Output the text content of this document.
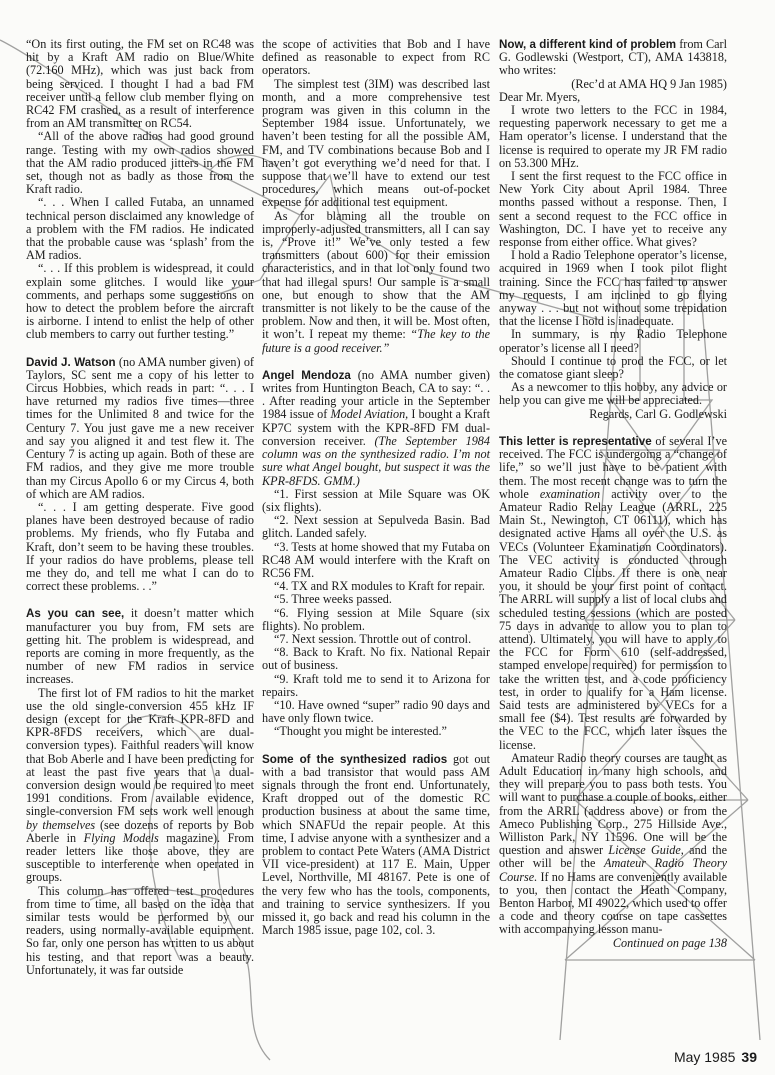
“On its first outing, the FM set on RC48 was hit by a Kraft AM radio on Blue/White (72.160 MHz), which was just back from being serviced. I thought I had a bad FM receiver until a fellow club member flying on RC42 FM crashed, as a result of interference from an AM transmitter on RC54.

“All of the above radios had good ground range. Testing with my own radios showed that the AM radio produced jitters in the FM set, though not as badly as those from the Kraft radio.

“. . . When I called Futaba, an unnamed technical person disclaimed any knowledge of a problem with the FM radios. He indicated that the probable cause was ‘splash’ from the AM radios.

“. . . If this problem is widespread, it could explain some glitches. I would like your comments, and perhaps some suggestions on how to detect the problem before the aircraft is airborne. I intend to enlist the help of other club members to carry out further testing.”

David J. Watson (no AMA number given) of Taylors, SC sent me a copy of his letter to Circus Hobbies, which reads in part: “. . . I have returned my radios five times—three times for the Unlimited 8 and twice for the Century 7. You just gave me a new receiver and say you aligned it and test flew it. The Century 7 is acting up again. Both of these are FM radios, and they give me more trouble than my Circus Apollo 6 or my Circus 4, both of which are AM radios.

“. . . I am getting desperate. Five good planes have been destroyed because of radio problems. My friends, who fly Futaba and Kraft, don’t seem to be having these troubles. If your radios do have problems, please tell me they do, and tell me what I can do to correct these problems. . .”

As you can see, it doesn’t matter which manufacturer you buy from, FM sets are getting hit. The problem is widespread, and reports are coming in more frequently, as the number of new FM radios in service increases.

The first lot of FM radios to hit the market use the old single-conversion 455 kHz IF design (except for the Kraft KPR-8FD and KPR-8FDS receivers, which are dual-conversion types). Faithful readers will know that Bob Aberle and I have been predicting for at least the past five years that a dual-conversion design would be required to meet 1991 conditions. From available evidence, single-conversion FM sets work well enough by themselves (see dozens of reports by Bob Aberle in Flying Models magazine). From reader letters like those above, they are susceptible to interference when operated in groups.

This column has offered test procedures from time to time, all based on the idea that similar tests would be performed by our readers, using normally-available equipment. So far, only one person has written to us about his testing, and that report was a beauty. Unfortunately, it was far outside

the scope of activities that Bob and I have defined as reasonable to expect from RC operators.

The simplest test (3IM) was described last month, and a more comprehensive test program was given in this column in the September 1984 issue. Unfortunately, we haven’t been testing for all the possible AM, FM, and TV combinations because Bob and I haven’t got everything we’d need for that. I suppose that we’ll have to extend our test procedures, which means out-of-pocket expense for additional test equipment.

As for blaming all the trouble on improperly-adjusted transmitters, all I can say is, “Prove it!” We’ve only tested a few transmitters (about 600) for their emission characteristics, and in that lot only found two that had illegal spurs! Our sample is a small one, but enough to show that the AM transmitter is not likely to be the cause of the problem. Now and then, it will be. Most often, it won’t. I repeat my theme: “The key to the future is a good receiver.”

Angel Mendoza (no AMA number given) writes from Huntington Beach, CA to say: “. . . After reading your article in the September 1984 issue of Model Aviation, I bought a Kraft KP7C system with the KPR-8FD FM dual-conversion receiver. (The September 1984 column was on the synthesized radio. I’m not sure what Angel bought, but suspect it was the KPR-8FDS. GMM.)

“1. First session at Mile Square was OK (six flights).

“2. Next session at Sepulveda Basin. Bad glitch. Landed safely.

“3. Tests at home showed that my Futaba on RC48 AM would interfere with the Kraft on RC56 FM.

“4. TX and RX modules to Kraft for repair.

“5. Three weeks passed.

“6. Flying session at Mile Square (six flights). No problem.

“7. Next session. Throttle out of control.

“8. Back to Kraft. No fix. National Repair out of business.

“9. Kraft told me to send it to Arizona for repairs.

“10. Have owned “super” radio 90 days and have only flown twice.

“Thought you might be interested.”

Some of the synthesized radios got out with a bad transistor that would pass AM signals through the front end. Unfortunately, Kraft dropped out of the domestic RC production business at about the same time, which SNAFUd the repair people. At this time, I advise anyone with a synthesizer and a problem to contact Pete Waters (AMA District VII vice-president) at 117 E. Main, Upper Level, Northville, MI 48167. Pete is one of the very few who has the tools, components, and training to service synthesizers. If you missed it, go back and read his column in the March 1985 issue, page 102, col. 3.

Now, a different kind of problem from Carl G. Godlewski (Westport, CT), AMA 143818, who writes:

(Rec’d at AMA HQ 9 Jan 1985)

Dear Mr. Myers,

I wrote two letters to the FCC in 1984, requesting paperwork necessary to get me a Ham operator’s license. I understand that the license is required to operate my JR FM radio on 53.300 MHz.

I sent the first request to the FCC office in New York City about April 1984. Three months passed without a response. Then, I sent a second request to the FCC office in Washington, DC. I have yet to receive any response from either office. What gives?

I hold a Radio Telephone operator’s license, acquired in 1969 when I took pilot flight training. Since the FCC has failed to answer my requests, I am inclined to go flying anyway . . . but not without some trepidation that the license I hold is inadequate.

In summary, is my Radio Telephone operator’s license all I need?

Should I continue to prod the FCC, or let the comatose giant sleep?

As a newcomer to this hobby, any advice or help you can give me will be appreciated.

Regards, Carl G. Godlewski

This letter is representative of several I’ve received. The FCC is undergoing a “change of life,” so we’ll just have to be patient with them. The most recent change was to turn the whole examination activity over to the Amateur Radio Relay League (ARRL, 225 Main St., Newington, CT 06111), which has designated active Hams all over the U.S. as VECs (Volunteer Examination Coordinators). The VEC activity is conducted through Amateur Radio Clubs. If there is one near you, it should be your first point of contact. The ARRL will supply a list of local clubs and scheduled testing sessions (which are posted 75 days in advance to allow you to plan to attend). Ultimately, you will have to apply to the FCC for Form 610 (self-addressed, stamped envelope required) for permission to take the written test, and a code proficiency test, in order to qualify for a Ham license. Said tests are administered by VECs for a small fee ($4). Test results are forwarded by the VEC to the FCC, which later issues the license.

Amateur Radio theory courses are taught as Adult Education in many high schools, and they will prepare you to pass both tests. You will want to purchase a couple of books, either from the ARRL (address above) or from the Ameco Publishing Corp., 275 Hillside Ave., Williston Park, NY 11596. One will be the question and answer License Guide, and the other will be the Amateur Radio Theory Course. If no Hams are conveniently available to you, then contact the Heath Company, Benton Harbor, MI 49022, which used to offer a code and theory course on tape cassettes with accompanying lesson manu-

Continued on page 138

May 1985 39
